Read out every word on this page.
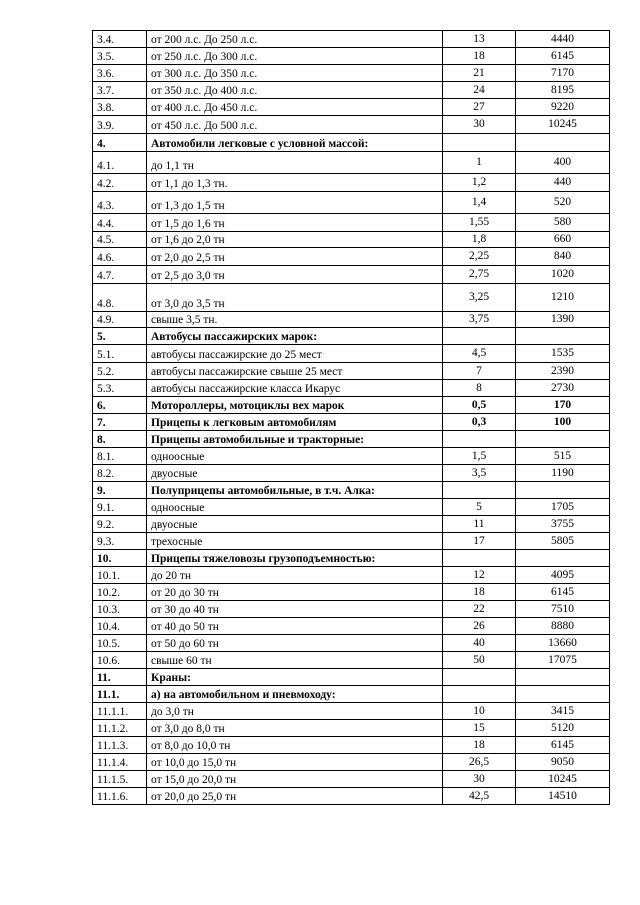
3.4.	от 200 л.с. До 250 л.с.	13	4440
3.5.	от 250 л.с. До 300 л.с.	18	6145
3.6.	от 300 л.с. До 350 л.с.	21	7170
3.7.	от 350 л.с. До 400 л.с.	24	8195
3.8.	от 400 л.с. До 450 л.с.	27	9220
3.9.	от 450 л.с. До 500 л.с.	30	10245
4.	Автомобили легковые с условной массой:		
4.1.	до 1,1 тн	1	400
4.2.	от 1,1 до 1,3 тн.	1,2	440
4.3.	от 1,3 до 1,5 тн	1,4	520
4.4.	от 1,5 до 1,6 тн	1,55	580
4.5.	от 1,6 до 2,0 тн	1,8	660
4.6.	от 2,0 до 2,5 тн	2,25	840
4.7.	от 2,5 до 3,0 тн	2,75	1020
4.8.	от 3,0 до 3,5 тн	3,25	1210
4.9.	свыше 3,5 тн.	3,75	1390
5.	Автобусы пассажирских марок:		
5.1.	автобусы пассажирские до 25 мест	4,5	1535
5.2.	автобусы пассажирские свыше 25 мест	7	2390
5.3.	автобусы пассажирские класса Икарус	8	2730
6.	Мотороллеры, мотоциклы вех марок	0,5	170
7.	Прицепы к легковым автомобилям	0,3	100
8.	Прицепы автомобильные и тракторные:		
8.1.	одноосные	1,5	515
8.2.	двуосные	3,5	1190
9.	Полуприцепы автомобильные, в т.ч. Алка:		
9.1.	одноосные	5	1705
9.2.	двуосные	11	3755
9.3.	трехосные	17	5805
10.	Прицепы тяжеловозы грузоподъемностью:		
10.1.	до 20 тн	12	4095
10.2.	от 20 до 30 тн	18	6145
10.3.	от 30 до 40 тн	22	7510
10.4.	от 40 до 50 тн	26	8880
10.5.	от 50 до 60 тн	40	13660
10.6.	свыше 60 тн	50	17075
11.	Краны:		
11.1.	а) на автомобильном и пневмоходу:		
11.1.1.	до 3,0 тн	10	3415
11.1.2.	от 3,0 до 8,0 тн	15	5120
11.1.3.	от 8,0 до 10,0 тн	18	6145
11.1.4.	от 10,0 до 15,0 тн	26,5	9050
11.1.5.	от 15,0 до 20,0 тн	30	10245
11.1.6.	от 20,0 до 25,0 тн	42,5	14510
